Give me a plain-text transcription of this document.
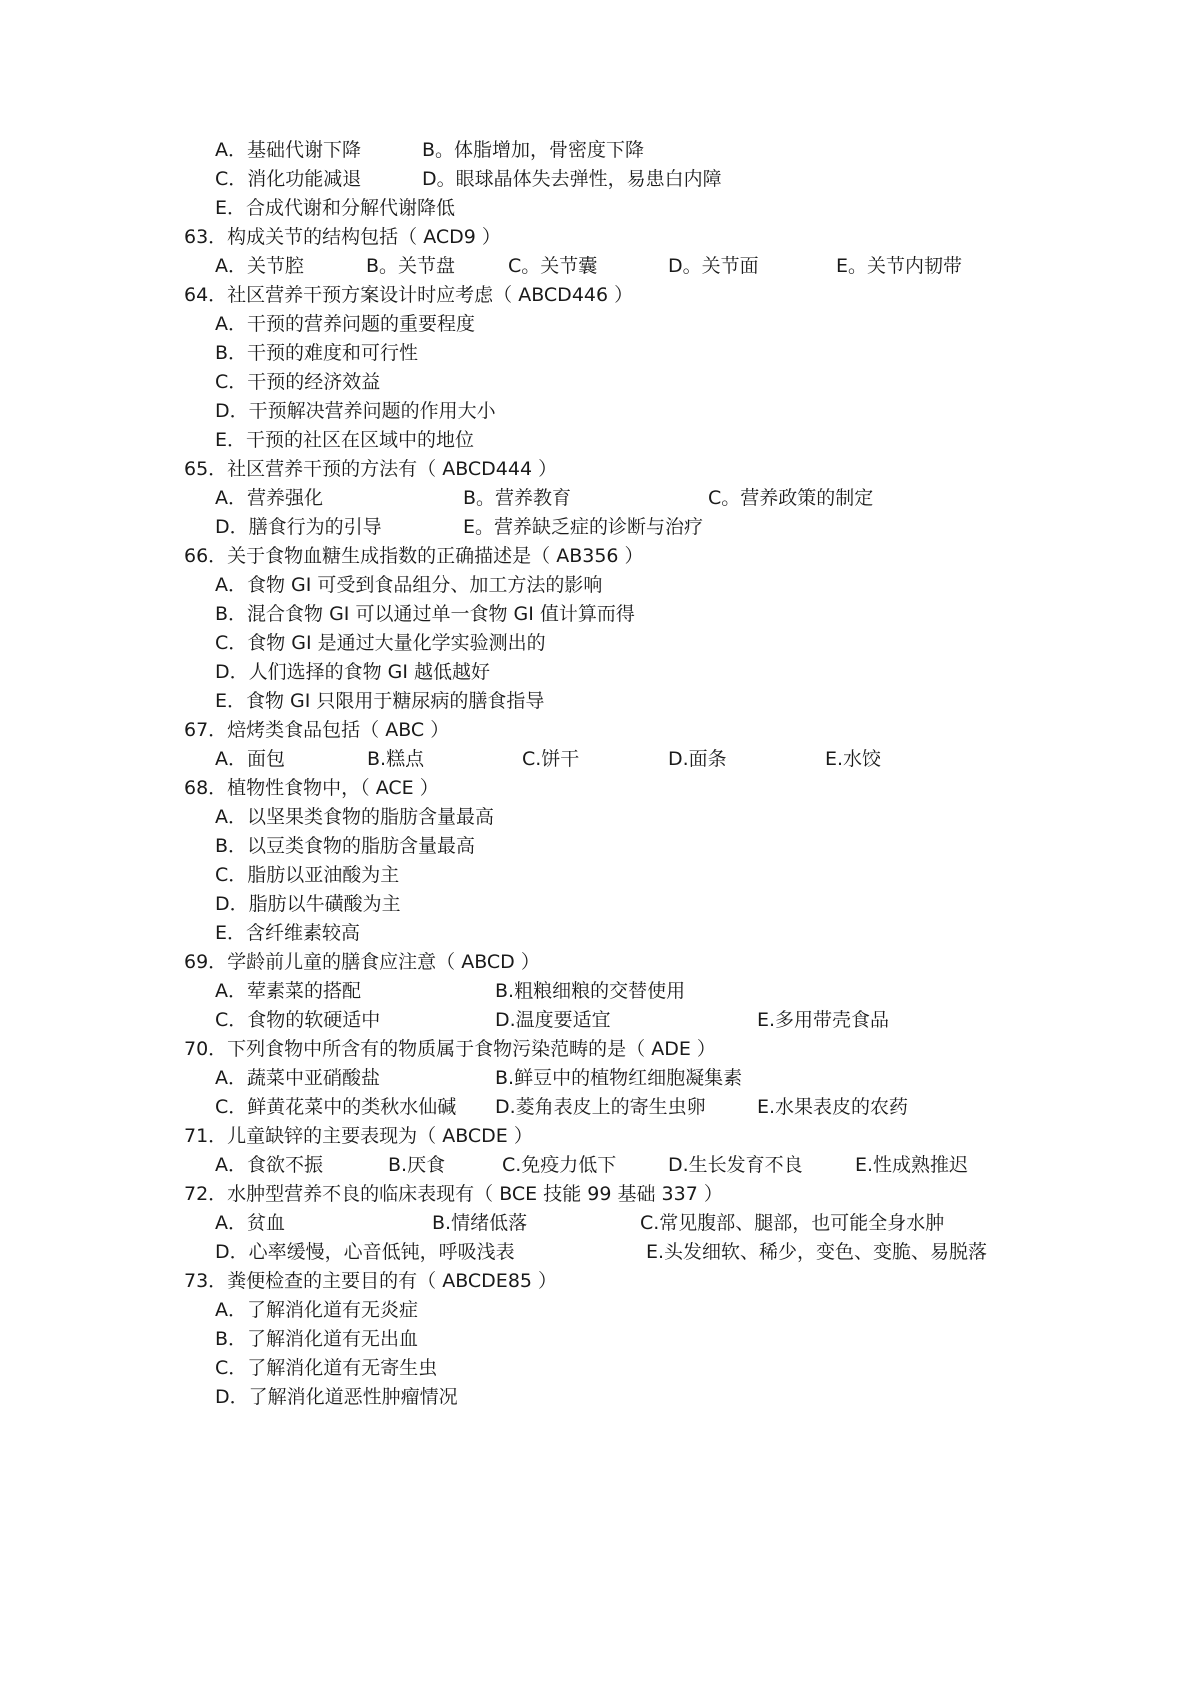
A．基础代谢下降	B。体脂增加，骨密度下降
C．消化功能减退	D。眼球晶体失去弹性，易患白内障
E．合成代谢和分解代谢降低
63．构成关节的结构包括（ ACD9 ）
A．关节腔	B。关节盘	C。关节囊	D。关节面	E。关节内韧带
64．社区营养干预方案设计时应考虑（ ABCD446 ）
A．干预的营养问题的重要程度
B．干预的难度和可行性
C．干预的经济效益
D．干预解决营养问题的作用大小
E．干预的社区在区域中的地位
65．社区营养干预的方法有（ ABCD444 ）
A．营养强化	B。营养教育	C。营养政策的制定
D．膳食行为的引导	E。营养缺乏症的诊断与治疗
66．关于食物血糖生成指数的正确描述是（ AB356 ）
A．食物 GI 可受到食品组分、加工方法的影响
B．混合食物 GI 可以通过单一食物 GI 值计算而得
C．食物 GI 是通过大量化学实验测出的
D．人们选择的食物 GI 越低越好
E．食物 GI 只限用于糖尿病的膳食指导
67．焙烤类食品包括（ ABC ）
A．面包	B.糕点	C.饼干	D.面条	E.水饺
68．植物性食物中，（ ACE ）
A．以坚果类食物的脂肪含量最高
B．以豆类食物的脂肪含量最高
C．脂肪以亚油酸为主
D．脂肪以牛磺酸为主
E．含纤维素较高
69．学龄前儿童的膳食应注意（ ABCD ）
A．荤素菜的搭配	B.粗粮细粮的交替使用
C．食物的软硬适中	D.温度要适宜	E.多用带壳食品
70．下列食物中所含有的物质属于食物污染范畴的是（ ADE ）
A．蔬菜中亚硝酸盐	B.鲜豆中的植物红细胞凝集素
C．鲜黄花菜中的类秋水仙碱 D.菱角表皮上的寄生虫卵	E.水果表皮的农药
71．儿童缺锌的主要表现为（ ABCDE ）
A．食欲不振	B.厌食	C.免疫力低下	D.生长发育不良	E.性成熟推迟
72．水肿型营养不良的临床表现有（ BCE 技能 99 基础 337 ）
A．贫血	B.情绪低落	C.常见腹部、腿部，也可能全身水肿
D．心率缓慢，心音低钝，呼吸浅表	E.头发细软、稀少，变色、变脆、易脱落
73．粪便检查的主要目的有（ ABCDE85 ）
A．了解消化道有无炎症
B．了解消化道有无出血
C．了解消化道有无寄生虫
D．了解消化道恶性肿瘤情况
